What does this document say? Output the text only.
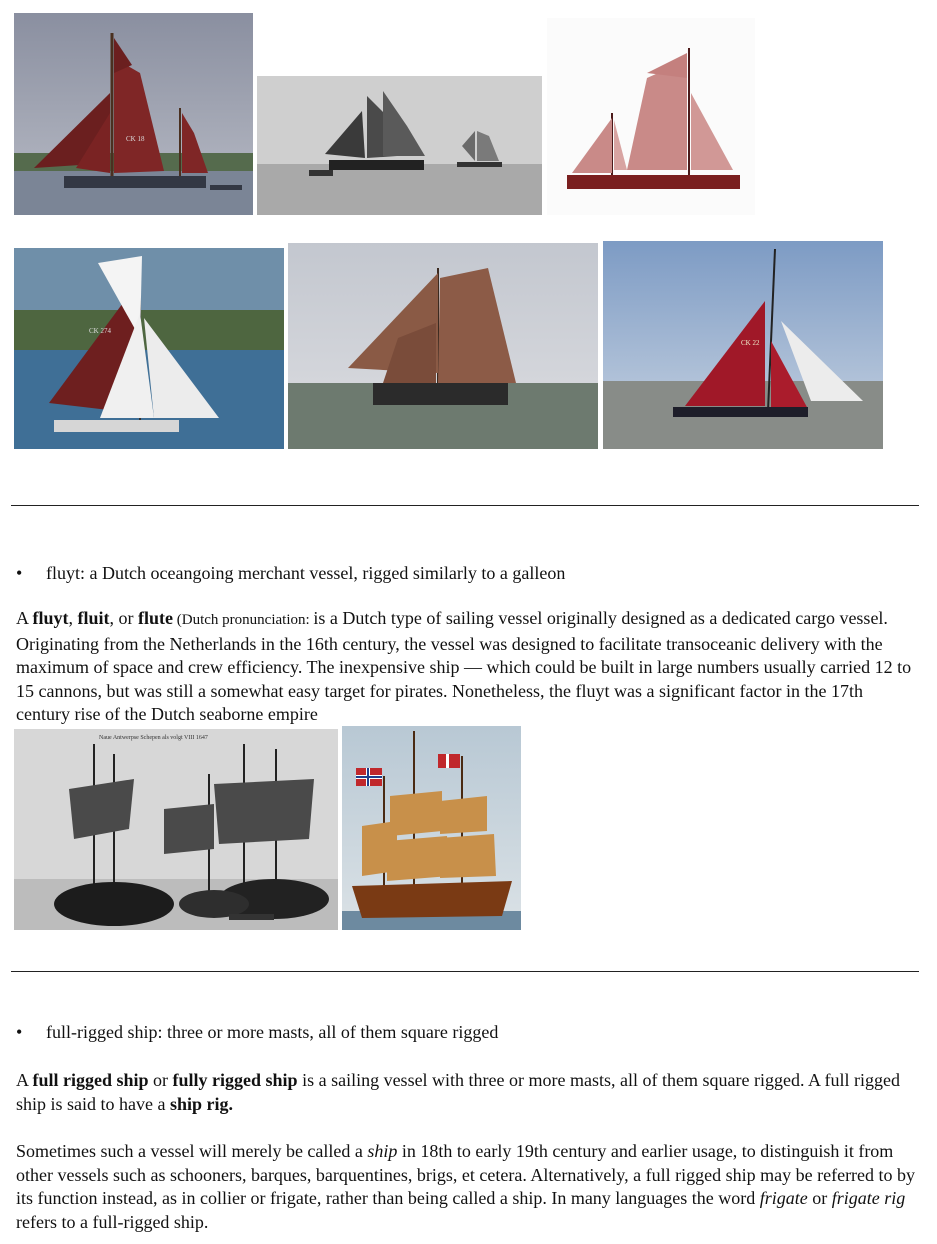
CK 18
CK 274
CK 22
• fluyt: a Dutch oceangoing merchant vessel, rigged similarly to a galleon
A fluyt, fluit, or flute (Dutch pronunciation: is a Dutch type of sailing vessel originally designed as a dedicated cargo vessel. Originating from the Netherlands in the 16th century, the vessel was designed to facilitate transoceanic delivery with the maximum of space and crew efficiency. The inexpensive ship — which could be built in large numbers usually carried 12 to 15 cannons, but was still a somewhat easy target for pirates. Nonetheless, the fluyt was a significant factor in the 17th century rise of the Dutch seaborne empire
Naue Antwerpse Schepen als volgt VIII 1647
• full-rigged ship: three or more masts, all of them square rigged
A full rigged ship or fully rigged ship is a sailing vessel with three or more masts, all of them square rigged. A full rigged ship is said to have a ship rig.
Sometimes such a vessel will merely be called a ship in 18th to early 19th century and earlier usage, to distinguish it from other vessels such as schooners, barques, barquentines, brigs, et cetera. Alternatively, a full rigged ship may be referred to by its function instead, as in collier or frigate, rather than being called a ship. In many languages the word frigate or frigate rig refers to a full-rigged ship.
